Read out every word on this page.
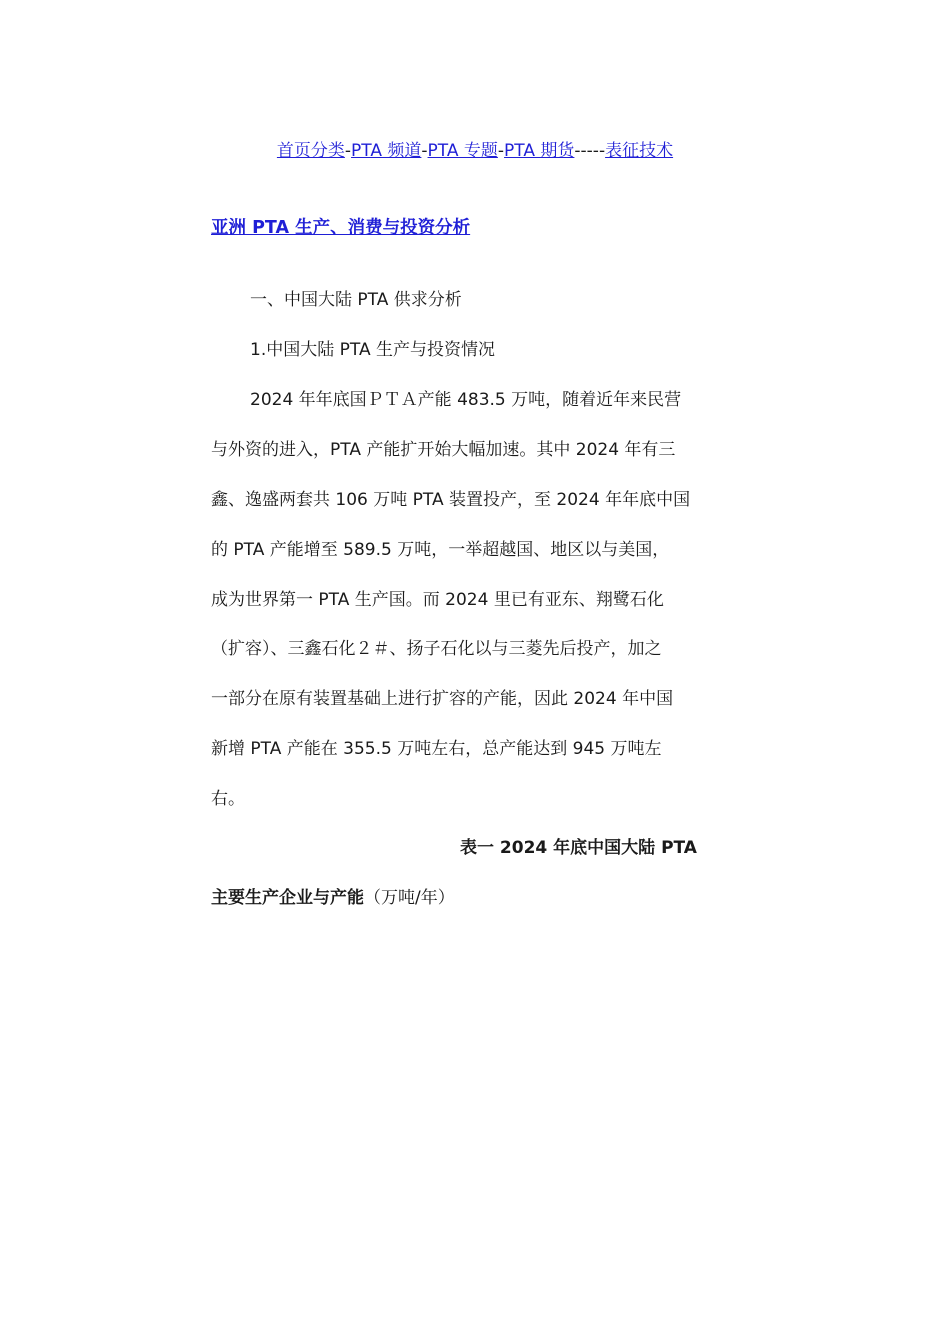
首页分类-PTA 频道-PTA 专题-PTA 期货-----表征技术
亚洲 PTA 生产、消费与投资分析
一、中国大陆 PTA 供求分析
1.中国大陆 PTA 生产与投资情况
2024 年年底国ＰＴＡ产能 483.5 万吨，随着近年来民营
与外资的进入，PTA 产能扩开始大幅加速。其中 2024 年有三
鑫、逸盛两套共 106 万吨 PTA 装置投产，至 2024 年年底中国
的 PTA 产能增至 589.5 万吨，一举超越国、地区以与美国，
成为世界第一 PTA 生产国。而 2024 里已有亚东、翔鹭石化
（扩容）、三鑫石化２＃、扬子石化以与三菱先后投产，加之
一部分在原有装置基础上进行扩容的产能，因此 2024 年中国
新增 PTA 产能在 355.5 万吨左右，总产能达到 945 万吨左
右。
表一 2024 年底中国大陆 PTA
主要生产企业与产能（万吨/年）
